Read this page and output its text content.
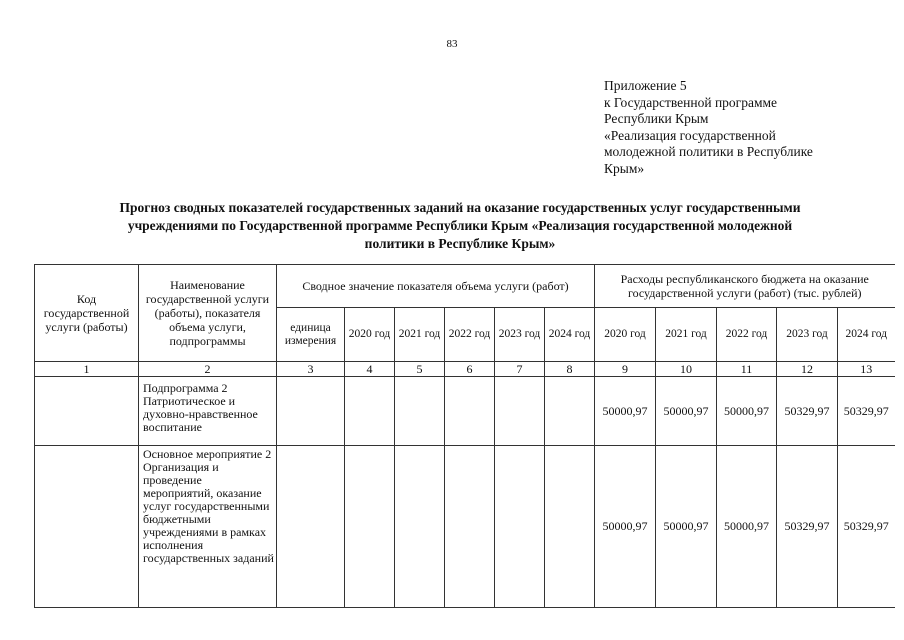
83
Приложение 5
к Государственной программе
Республики Крым
«Реализация государственной
молодежной политики в Республике
Крым»
Прогноз сводных показателей государственных заданий на оказание государственных услуг государственными
учреждениями по Государственной программе Республики Крым «Реализация государственной молодежной
политики в Республике Крым»
Код государственной услуги (работы)	Наименование государственной услуги (работы), показателя объема услуги, подпрограммы	Сводное значение показателя объема услуги (работ)						Расходы республиканского бюджета на оказание государственной услуги (работ) (тыс. рублей)				
		единица измерения	2020 год	2021 год	2022 год	2023 год	2024 год	2020 год	2021 год	2022 год	2023 год	2024 год
1	2	3	4	5	6	7	8	9	10	11	12	13
	Подпрограмма 2 Патриотическое и духовно-нравственное воспитание							50000,97	50000,97	50000,97	50329,97	50329,97
	Основное мероприятие 2 Организация и проведение мероприятий, оказание услуг государственными бюджетными учреждениями в рамках исполнения государственных заданий							50000,97	50000,97	50000,97	50329,97	50329,97
